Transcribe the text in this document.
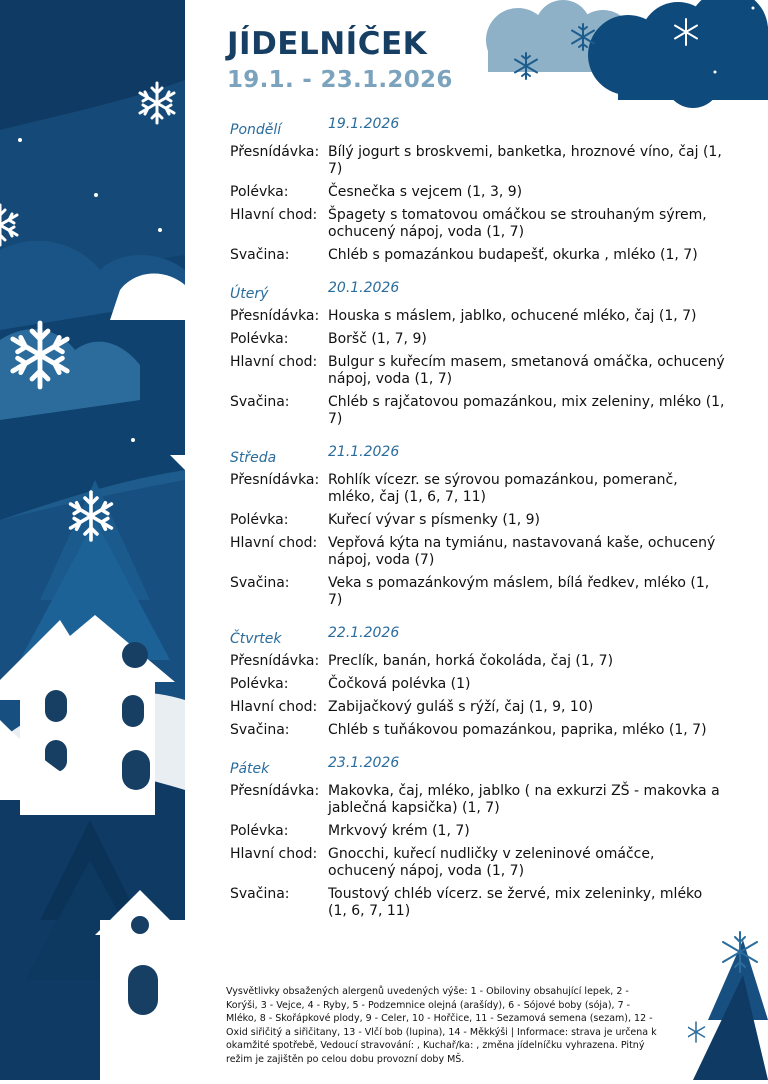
JÍDELNÍČEK
19.1. - 23.1.2026
Pondělí	19.1.2026
Přesnídávka: Bílý jogurt s broskvemi, banketka, hroznové víno, čaj (1, 7)
Polévka:	Česnečka s vejcem (1, 3, 9)
Hlavní chod: Špagety s tomatovou omáčkou se strouhaným sýrem, ochucený nápoj, voda (1, 7)
Svačina:	Chléb s pomazánkou budapešť, okurka , mléko (1, 7)
Úterý	20.1.2026
Přesnídávka: Houska s máslem, jablko, ochucené mléko, čaj (1, 7)
Polévka:	Boršč (1, 7, 9)
Hlavní chod: Bulgur s kuřecím masem, smetanová omáčka, ochucený nápoj, voda (1, 7)
Svačina:	Chléb s rajčatovou pomazánkou, mix zeleniny, mléko (1, 7)
Středa	21.1.2026
Přesnídávka: Rohlík vícezr. se sýrovou pomazánkou, pomeranč, mléko, čaj (1, 6, 7, 11)
Polévka:	Kuřecí vývar s písmenky (1, 9)
Hlavní chod: Vepřová kýta na tymiánu, nastavovaná kaše, ochucený nápoj, voda (7)
Svačina:	Veka s pomazánkovým máslem, bílá ředkev, mléko (1, 7)
Čtvrtek	22.1.2026
Přesnídávka: Preclík, banán, horká čokoláda, čaj (1, 7)
Polévka:	Čočková polévka (1)
Hlavní chod: Zabijačkový guláš s rýží, čaj (1, 9, 10)
Svačina:	Chléb s tuňákovou pomazánkou, paprika, mléko (1, 7)
Pátek	23.1.2026
Přesnídávka: Makovka, čaj, mléko, jablko ( na exkurzi ZŠ - makovka a jablečná kapsička) (1, 7)
Polévka:	Mrkvový krém (1, 7)
Hlavní chod: Gnocchi, kuřecí nudličky v zeleninové omáčce, ochucený nápoj, voda (1, 7)
Svačina:	Toustový chléb vícerz. se žervé, mix zeleninky, mléko (1, 6, 7, 11)
Vysvětlivky obsažených alergenů uvedených výše: 1 - Obiloviny obsahující lepek, 2 - Korýši, 3 - Vejce, 4 - Ryby, 5 - Podzemnice olejná (arašídy), 6 - Sójové boby (sója), 7 - Mléko, 8 - Skořápkové plody, 9 - Celer, 10 - Hořčice, 11 - Sezamová semena (sezam), 12 - Oxid siřičitý a siřičitany, 13 - Vlčí bob (lupina), 14 - Měkkýši | Informace: strava je určena k okamžité spotřebě, Vedoucí stravování: , Kuchař/ka: , změna jídelníčku vyhrazena. Pitný režim je zajištěn po celou dobu provozní doby MŠ.
